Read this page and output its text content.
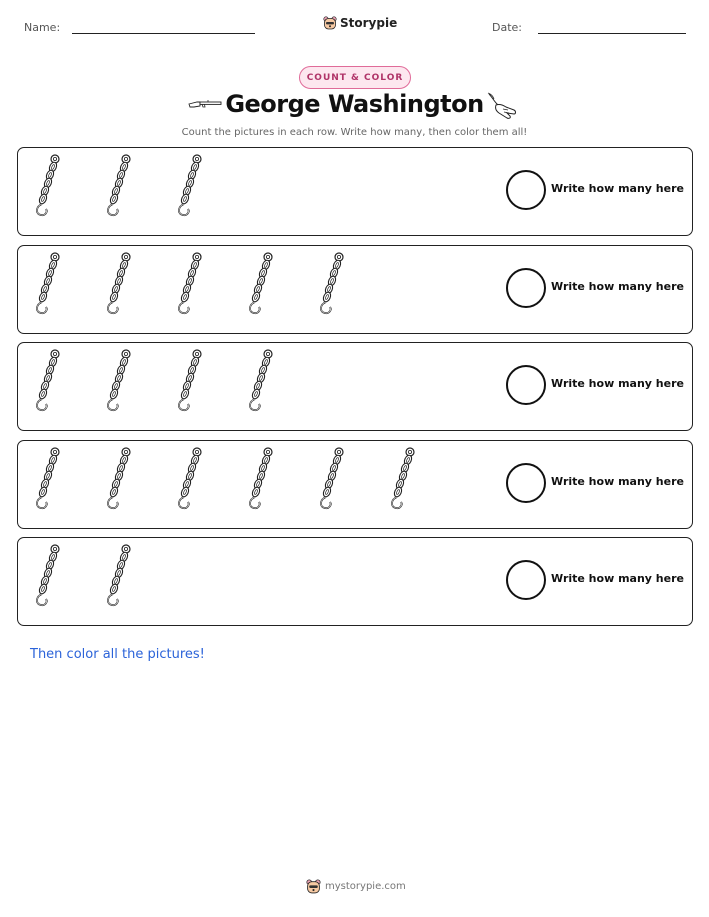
Name:	Storypie	Date:
COUNT & COLOR
George Washington
Count the pictures in each row. Write how many, then color them all!
Write how many here
Write how many here
Write how many here
Write how many here
Write how many here
Then color all the pictures!
mystorypie.com
